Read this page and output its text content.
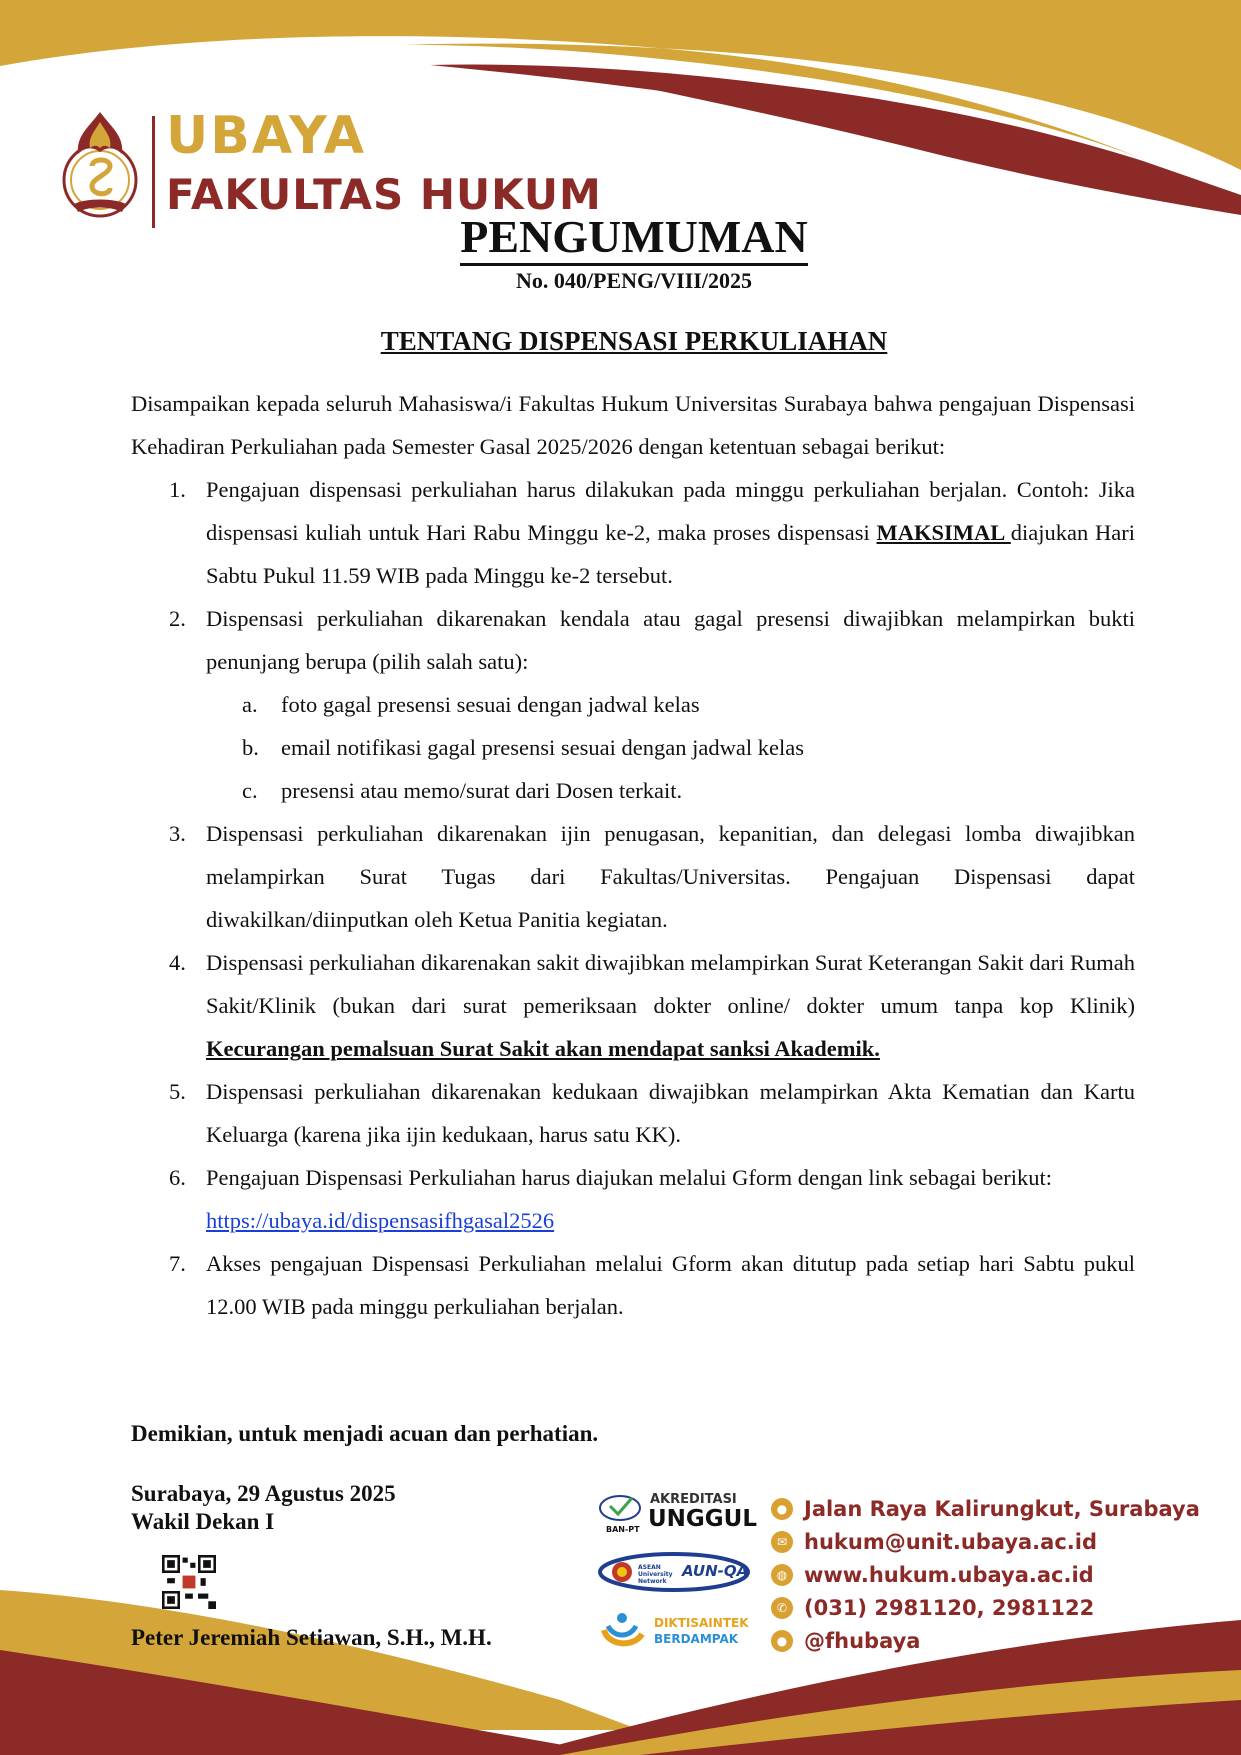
UBAYA
FAKULTAS HUKUM
PENGUMUMAN
No. 040/PENG/VIII/2025
TENTANG DISPENSASI PERKULIAHAN

Disampaikan kepada seluruh Mahasiswa/i Fakultas Hukum Universitas Surabaya bahwa pengajuan Dispensasi Kehadiran Perkuliahan pada Semester Gasal 2025/2026 dengan ketentuan sebagai berikut:

1. Pengajuan dispensasi perkuliahan harus dilakukan pada minggu perkuliahan berjalan. Contoh: Jika dispensasi kuliah untuk Hari Rabu Minggu ke-2, maka proses dispensasi MAKSIMAL diajukan Hari Sabtu Pukul 11.59 WIB pada Minggu ke-2 tersebut.
2. Dispensasi perkuliahan dikarenakan kendala atau gagal presensi diwajibkan melampirkan bukti penunjang berupa (pilih salah satu):
a. foto gagal presensi sesuai dengan jadwal kelas
b. email notifikasi gagal presensi sesuai dengan jadwal kelas
c. presensi atau memo/surat dari Dosen terkait.
3. Dispensasi perkuliahan dikarenakan ijin penugasan, kepanitian, dan delegasi lomba diwajibkan melampirkan Surat Tugas dari Fakultas/Universitas. Pengajuan Dispensasi dapat diwakilkan/diinputkan oleh Ketua Panitia kegiatan.
4. Dispensasi perkuliahan dikarenakan sakit diwajibkan melampirkan Surat Keterangan Sakit dari Rumah Sakit/Klinik (bukan dari surat pemeriksaan dokter online/ dokter umum tanpa kop Klinik) Kecurangan pemalsuan Surat Sakit akan mendapat sanksi Akademik.
5. Dispensasi perkuliahan dikarenakan kedukaan diwajibkan melampirkan Akta Kematian dan Kartu Keluarga (karena jika ijin kedukaan, harus satu KK).
6. Pengajuan Dispensasi Perkuliahan harus diajukan melalui Gform dengan link sebagai berikut:
https://ubaya.id/dispensasifhgasal2526
7. Akses pengajuan Dispensasi Perkuliahan melalui Gform akan ditutup pada setiap hari Sabtu pukul 12.00 WIB pada minggu perkuliahan berjalan.
Demikian, untuk menjadi acuan dan perhatian.
Surabaya, 29 Agustus 2025
Wakil Dekan I
Peter Jeremiah Setiawan, S.H., M.H.
BAN-PT
AKREDITASI
UNGGUL
ASEAN University Network
AUN-QA
DIKTISAINTEK
BERDAMPAK
● Jalan Raya Kalirungkut, Surabaya
✉ hukum@unit.ubaya.ac.id
◍ www.hukum.ubaya.ac.id
✆ (031) 2981120, 2981122
● @fhubaya
